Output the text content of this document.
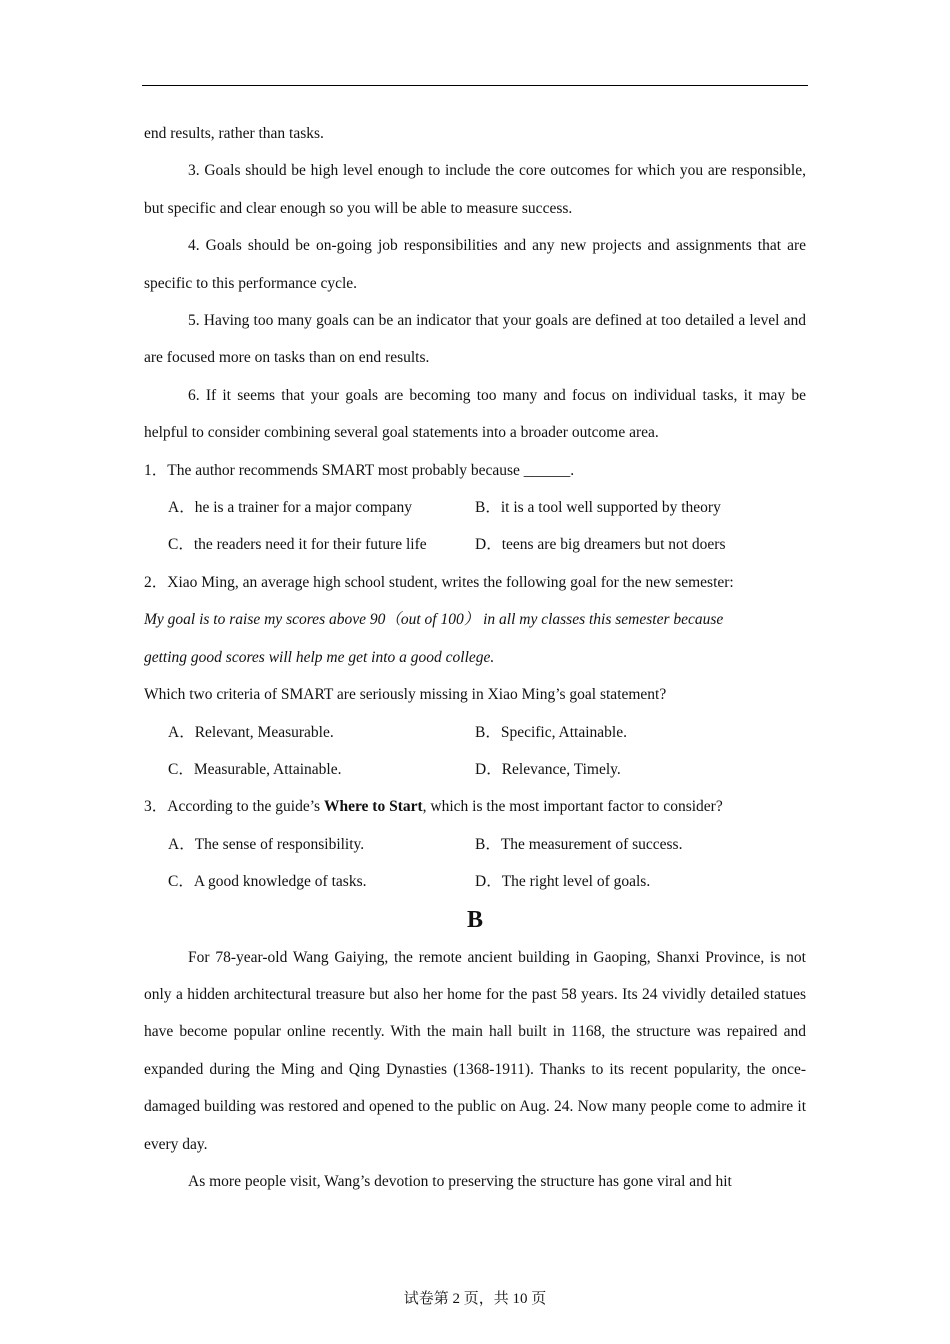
end results, rather than tasks.

3. Goals should be high level enough to include the core outcomes for which you are responsible, but specific and clear enough so you will be able to measure success.

4. Goals should be on-going job responsibilities and any new projects and assignments that are specific to this performance cycle.

5. Having too many goals can be an indicator that your goals are defined at too detailed a level and are focused more on tasks than on end results.

6. If it seems that your goals are becoming too many and focus on individual tasks, it may be helpful to consider combining several goal statements into a broader outcome area.

1．The author recommends SMART most probably because ______.

A．he is a trainer for a major company	B．it is a tool well supported by theory
C．the readers need it for their future life	D．teens are big dreamers but not doers

2．Xiao Ming, an average high school student, writes the following goal for the new semester:

My goal is to raise my scores above 90（out of 100） in all my classes this semester because

getting good scores will help me get into a good college.

Which two criteria of SMART are seriously missing in Xiao Ming’s goal statement?

A．Relevant, Measurable.	B．Specific, Attainable.
C．Measurable, Attainable.	D．Relevance, Timely.

3．According to the guide’s Where to Start, which is the most important factor to consider?

A．The sense of responsibility.	B．The measurement of success.
C．A good knowledge of tasks.	D．The right level of goals.

B

For 78-year-old Wang Gaiying, the remote ancient building in Gaoping, Shanxi Province, is not only a hidden architectural treasure but also her home for the past 58 years. Its 24 vividly detailed statues have become popular online recently. With the main hall built in 1168, the structure was repaired and expanded during the Ming and Qing Dynasties (1368-1911). Thanks to its recent popularity, the once-damaged building was restored and opened to the public on Aug. 24. Now many people come to admire it every day.

As more people visit, Wang’s devotion to preserving the structure has gone viral and hit

试卷第 2 页，共 10 页
